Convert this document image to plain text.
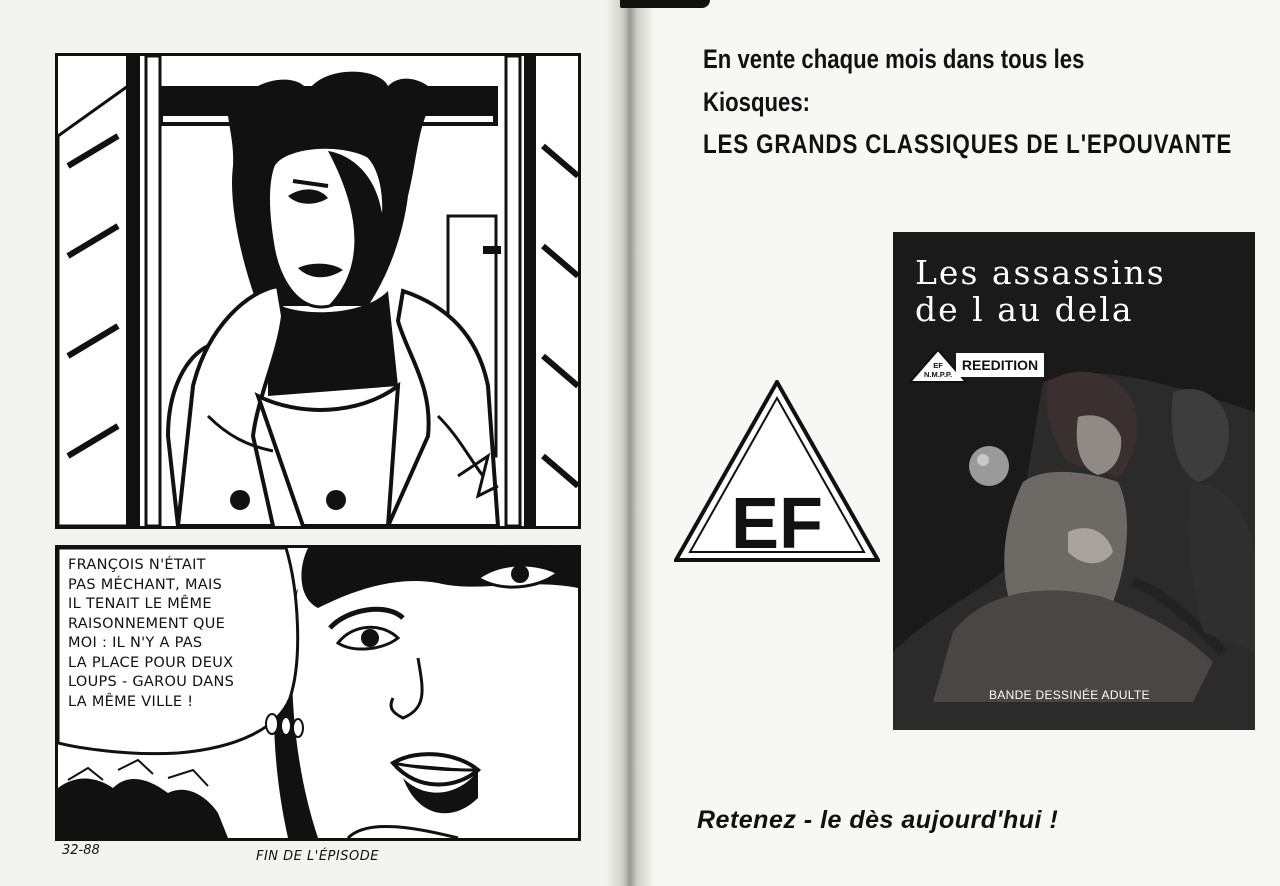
FRANÇOIS N'ÉTAIT
PAS MÉCHANT, MAIS
IL TENAIT LE MÊME
RAISONNEMENT QUE
MOI : IL N'Y A PAS
LA PLACE POUR DEUX
LOUPS - GAROU DANS
LA MÊME VILLE !
32-88	FIN DE L'ÉPISODE
En vente chaque mois dans tous les
Kiosques:
LES GRANDS CLASSIQUES DE L'EPOUVANTE
EF
Les assassins
de l au dela
EF
N.M.P.P.
REEDITION
BANDE DESSINÉE ADULTE
Retenez - le dès aujourd'hui !
